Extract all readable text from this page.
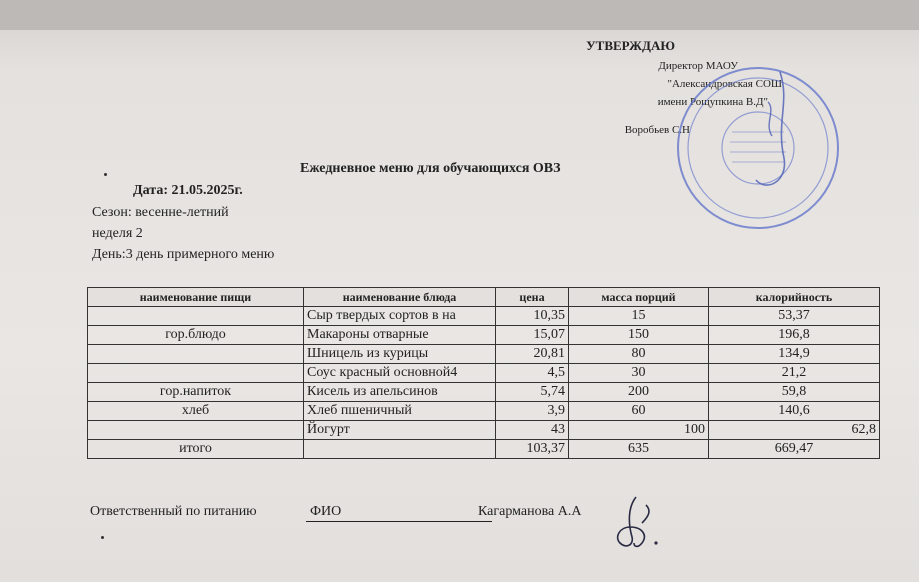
УТВЕРЖДАЮ
Директор МАОУ
"Александровская СОШ
имени Рощупкина В.Д"
Воробьев С.Н
Ежедневное меню для обучающихся ОВЗ
Дата: 21.05.2025г.
Сезон: весенне-летний
неделя 2
День:3 день примерного меню
наименование пищи	наименование блюда	цена	масса порций	калорийность
	Сыр твердых сортов в на	10,35	15	53,37
гор.блюдо	Макароны отварные	15,07	150	196,8
	Шницель из курицы	20,81	80	134,9
	Соус красный основной4	4,5	30	21,2
гор.напиток	Кисель из апельсинов	5,74	200	59,8
хлеб	Хлеб пшеничный	3,9	60	140,6
	Йогурт	43	100	62,8
итого		103,37	635	669,47
Ответственный по питанию	ФИО	Кагарманова А.А
